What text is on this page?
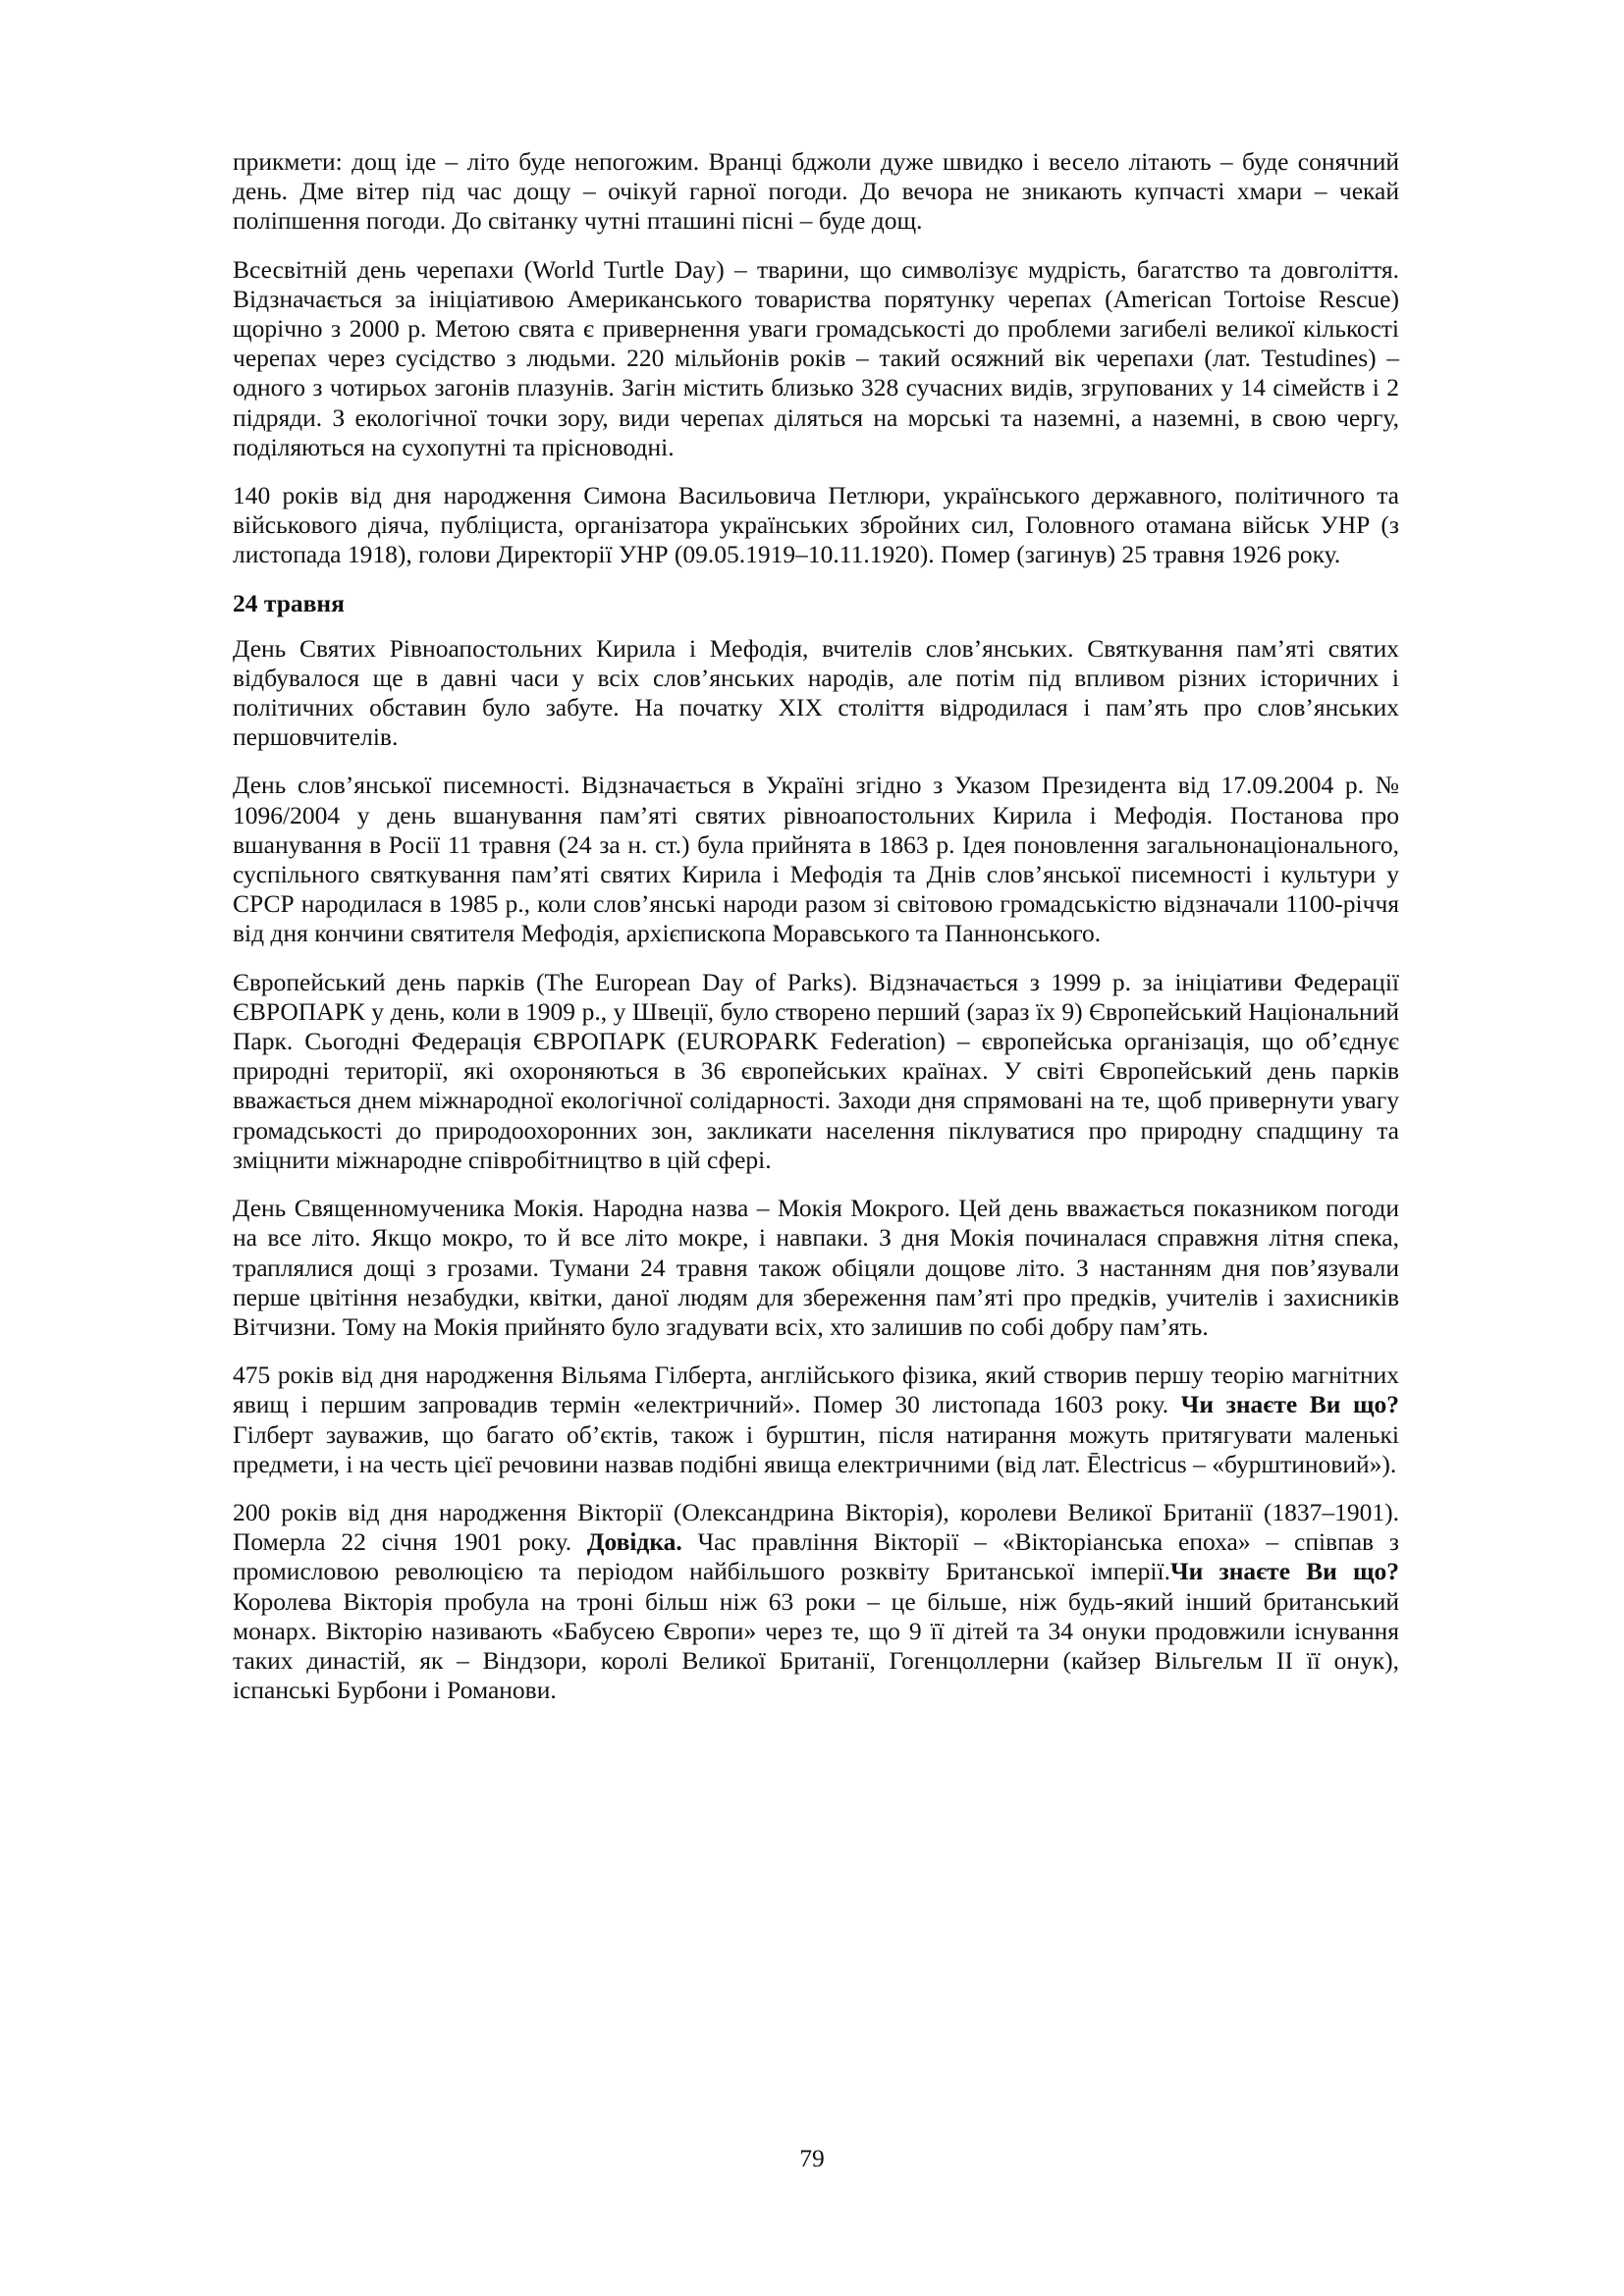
прикмети: дощ іде – літо буде непогожим. Вранці бджоли дуже швидко і весело літають – буде сонячний день. Дме вітер під час дощу – очікуй гарної погоди. До вечора не зникають купчасті хмари – чекай поліпшення погоди. До світанку чутні пташині пісні – буде дощ.

Всесвітній день черепахи (World Turtle Day) – тварини, що символізує мудрість, багатство та довголіття. Відзначається за ініціативою Американського товариства порятунку черепах (American Tortoise Rescue) щорічно з 2000 р. Метою свята є привернення уваги громадськості до проблеми загибелі великої кількості черепах через сусідство з людьми. 220 мільйонів років – такий осяжний вік черепахи (лат. Testudines) – одного з чотирьох загонів плазунів. Загін містить близько 328 сучасних видів, згрупованих у 14 сімейств і 2 підряди. З екологічної точки зору, види черепах діляться на морські та наземні, а наземні, в свою чергу, поділяються на сухопутні та прісноводні.

140 років від дня народження Симона Васильовича Петлюри, українського державного, політичного та військового діяча, публіциста, організатора українських збройних сил, Головного отамана військ УНР (з листопада 1918), голови Директорії УНР (09.05.1919–10.11.1920). Помер (загинув) 25 травня 1926 року.

24 травня

День Святих Рівноапостольних Кирила і Мефодія, вчителів слов’янських. Святкування пам’яті святих відбувалося ще в давні часи у всіх слов’янських народів, але потім під впливом різних історичних і політичних обставин було забуте. На початку XIX століття відродилася і пам’ять про слов’янських першовчителів.

День слов’янської писемності. Відзначається в Україні згідно з Указом Президента від 17.09.2004 р. № 1096/2004 у день вшанування пам’яті святих рівноапостольних Кирила і Мефодія. Постанова про вшанування в Росії 11 травня (24 за н. ст.) була прийнята в 1863 р. Ідея поновлення загальнонаціонального, суспільного святкування пам’яті святих Кирила і Мефодія та Днів слов’янської писемності і культури у СРСР народилася в 1985 р., коли слов’янські народи разом зі світовою громадськістю відзначали 1100-річчя від дня кончини святителя Мефодія, архієпископа Моравського та Паннонського.

Європейський день парків (The European Day of Parks). Відзначається з 1999 р. за ініціативи Федерації ЄВРОПАРК у день, коли в 1909 р., у Швеції, було створено перший (зараз їх 9) Європейський Національний Парк. Сьогодні Федерація ЄВРОПАРК (EUROPARK Federation) – європейська організація, що об’єднує природні території, які охороняються в 36 європейських країнах. У світі Європейський день парків вважається днем міжнародної екологічної солідарності. Заходи дня спрямовані на те, щоб привернути увагу громадськості до природоохоронних зон, закликати населення піклуватися про природну спадщину та зміцнити міжнародне співробітництво в цій сфері.

День Священномученика Мокія. Народна назва – Мокія Мокрого. Цей день вважається показником погоди на все літо. Якщо мокро, то й все літо мокре, і навпаки. З дня Мокія починалася справжня літня спека, траплялися дощі з грозами. Тумани 24 травня також обіцяли дощове літо. З настанням дня пов’язували перше цвітіння незабудки, квітки, даної людям для збереження пам’яті про предків, учителів і захисників Вітчизни. Тому на Мокія прийнято було згадувати всіх, хто залишив по собі добру пам’ять.

475 років від дня народження Вільяма Гілберта, англійського фізика, який створив першу теорію магнітних явищ і першим запровадив термін «електричний». Помер 30 листопада 1603 року. Чи знаєте Ви що? Гілберт зауважив, що багато об’єктів, також і бурштин, після натирання можуть притягувати маленькі предмети, і на честь цієї речовини назвав подібні явища електричними (від лат. Ēlectricus – «бурштиновий»).

200 років від дня народження Вікторії (Олександрина Вікторія), королеви Великої Британії (1837–1901). Померла 22 січня 1901 року. Довідка. Час правління Вікторії – «Вікторіанська епоха» – співпав з промисловою революцією та періодом найбільшого розквіту Британської імперії.Чи знаєте Ви що? Королева Вікторія пробула на троні більш ніж 63 роки – це більше, ніж будь-який інший британський монарх. Вікторію називають «Бабусею Європи» через те, що 9 її дітей та 34 онуки продовжили існування таких династій, як – Віндзори, королі Великої Британії, Гогенцоллерни (кайзер Вільгельм II її онук), іспанські Бурбони і Романови.

79
